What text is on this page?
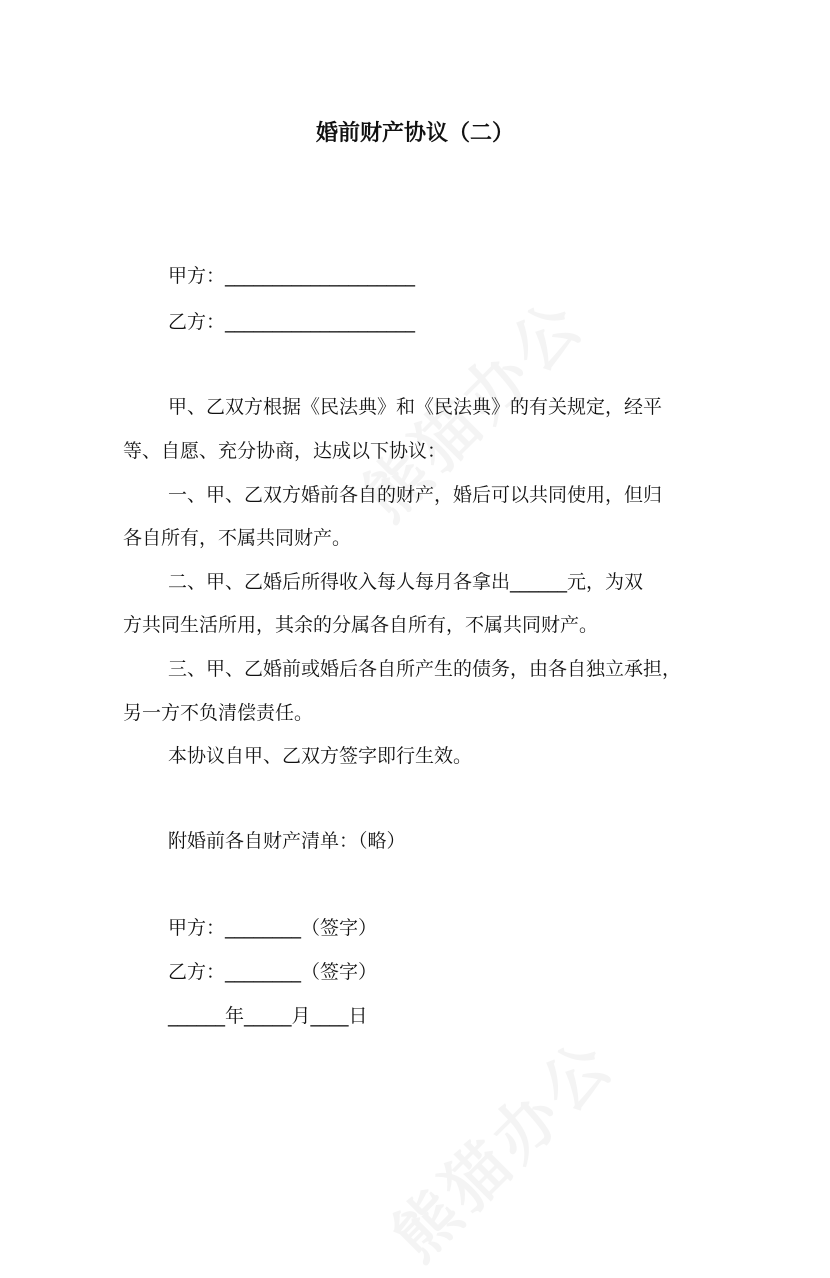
婚前财产协议（二）
甲方：____________________
乙方：____________________
甲、乙双方根据《民法典》和《民法典》的有关规定，经平
等、自愿、充分协商，达成以下协议：
一、甲、乙双方婚前各自的财产，婚后可以共同使用，但归
各自所有，不属共同财产。
二、甲、乙婚后所得收入每人每月各拿出______元，为双
方共同生活所用，其余的分属各自所有，不属共同财产。
三、甲、乙婚前或婚后各自所产生的债务，由各自独立承担，
另一方不负清偿责任。
本协议自甲、乙双方签字即行生效。
附婚前各自财产清单：（略）
甲方：________（签字）
乙方：________（签字）
______年_____月____日
